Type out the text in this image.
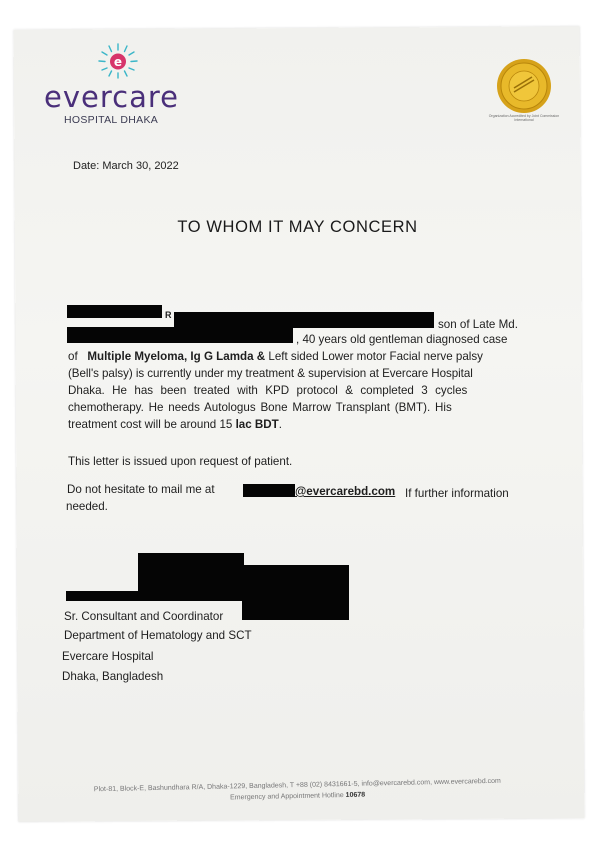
e
evercare
HOSPITAL DHAKA	Organization Accredited by Joint Commission International
Date: March 30, 2022
TO WHOM IT MAY CONCERN
R
son of Late Md.
, 40 years old gentleman diagnosed case
of Multiple Myeloma, Ig G Lamda & Left sided Lower motor Facial nerve palsy
(Bell's palsy) is currently under my treatment & supervision at Evercare Hospital
Dhaka. He has been treated with KPD protocol & completed 3 cycles
chemotherapy. He needs Autologus Bone Marrow Transplant (BMT). His
treatment cost will be around 15 lac BDT.
This letter is issued upon request of patient.
Do not hesitate to mail me at	@evercarebd.com If further information
needed.
Sr. Consultant and Coordinator
Department of Hematology and SCT
Evercare Hospital
Dhaka, Bangladesh
Plot-81, Block-E, Bashundhara R/A, Dhaka-1229, Bangladesh, T +88 (02) 8431661-5, info@evercarebd.com, www.evercarebd.com
Emergency and Appointment Hotline 10678
